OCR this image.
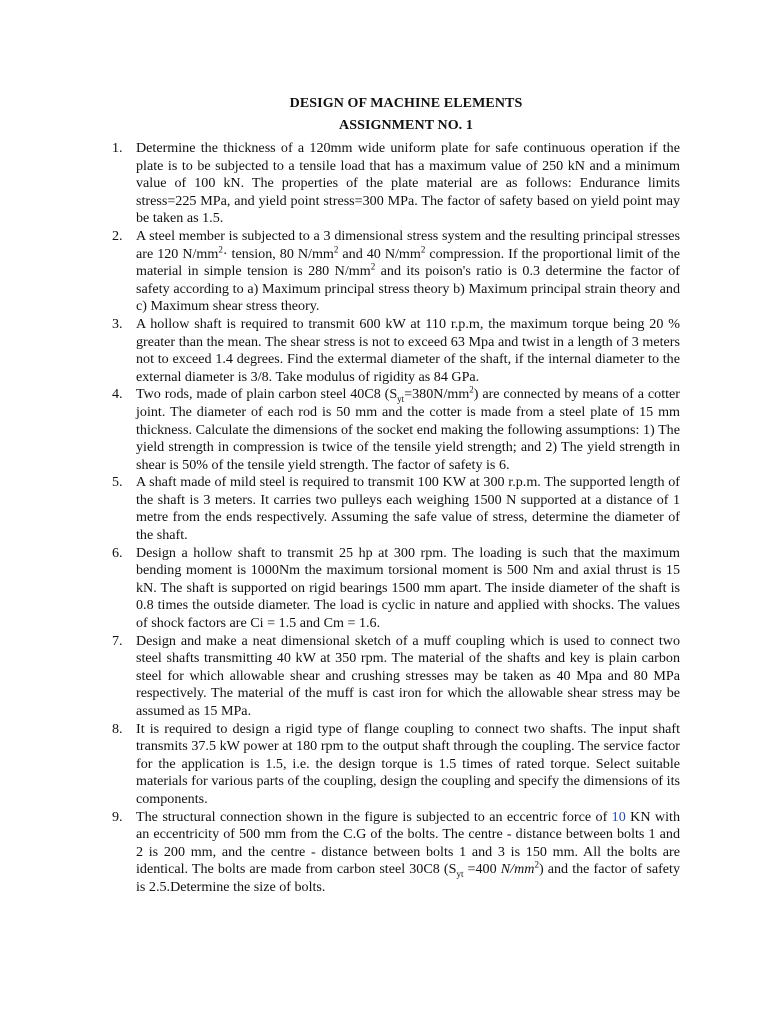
DESIGN OF MACHINE ELEMENTS
ASSIGNMENT NO. 1
1. Determine the thickness of a 120mm wide uniform plate for safe continuous operation if the plate is to be subjected to a tensile load that has a maximum value of 250 kN and a minimum value of 100 kN. The properties of the plate material are as follows: Endurance limits stress=225 MPa, and yield point stress=300 MPa. The factor of safety based on yield point may be taken as 1.5.
2. A steel member is subjected to a 3 dimensional stress system and the resulting principal stresses are 120 $N/mm^2\cdot$ tension, 80 $N/mm^2$ and 40 $N/mm^2$ compression. If the proportional limit of the material in simple tension is 280 $N/mm^2$ and its poison's ratio is 0.3 determine the factor of safety according to a) Maximum principal stress theory b) Maximum principal strain theory and c) Maximum shear stress theory.
3. A hollow shaft is required to transmit 600 kW at 110 r.p.m, the maximum torque being 20 % greater than the mean. The shear stress is not to exceed 63 Mpa and twist in a length of 3 meters not to exceed 1.4 degrees. Find the extermal diameter of the shaft, if the internal diameter to the external diameter is 3/8. Take modulus of rigidity as 84 GPa.
4. Two rods, made of plain carbon steel 40C8 $(S_{yt}=380N/mm^2)$ are connected by means of a cotter joint. The diameter of each rod is 50 mm and the cotter is made from a steel plate of 15 mm thickness. Calculate the dimensions of the socket end making the following assumptions: 1) The yield strength in compression is twice of the tensile yield strength; and 2) The yield strength in shear is 50% of the tensile yield strength. The factor of safety is 6.
5. A shaft made of mild steel is required to transmit 100 KW at 300 r.p.m. The supported length of the shaft is 3 meters. It carries two pulleys each weighing 1500 N supported at a distance of 1 metre from the ends respectively. Assuming the safe value of stress, determine the diameter of the shaft.
6. Design a hollow shaft to transmit 25 hp at 300 rpm. The loading is such that the maximum bending moment is 1000Nm the maximum torsional moment is 500 Nm and axial thrust is 15 kN. The shaft is supported on rigid bearings 1500 mm apart. The inside diameter of the shaft is 0.8 times the outside diameter. The load is cyclic in nature and applied with shocks. The values of shock factors are Ci = 1.5 and Cm = 1.6.
7. Design and make a neat dimensional sketch of a muff coupling which is used to connect two steel shafts transmitting 40 kW at 350 rpm. The material of the shafts and key is plain carbon steel for which allowable shear and crushing stresses may be taken as 40 Mpa and 80 MPa respectively. The material of the muff is cast iron for which the allowable shear stress may be assumed as 15 MPa.
8. It is required to design a rigid type of flange coupling to connect two shafts. The input shaft transmits 37.5 kW power at 180 rpm to the output shaft through the coupling. The service factor for the application is 1.5, i.e. the design torque is 1.5 times of rated torque. Select suitable materials for various parts of the coupling, design the coupling and specify the dimensions of its components.
9. The structural connection shown in the figure is subjected to an eccentric force of 10 KN with an eccentricity of 500 mm from the C.G of the bolts. The centre - distance between bolts 1 and 2 is 200 mm, and the centre - distance between bolts 1 and 3 is 150 mm. All the bolts are identical. The bolts are made from carbon steel 30C8 ($S_{yt} =400$ $N/mm^2$) and the factor of safety is 2.5.Determine the size of bolts.
